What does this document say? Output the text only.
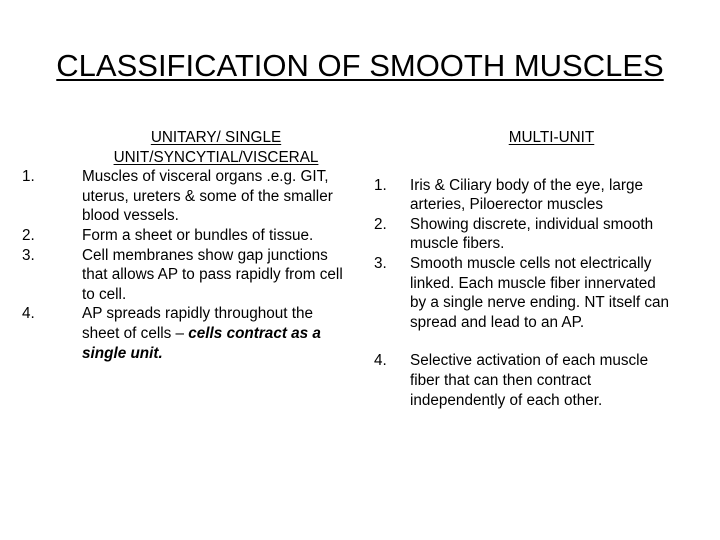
CLASSIFICATION OF SMOOTH MUSCLES

UNITARY/ SINGLE
UNIT/SYNCYTIAL/VISCERAL

1.	Muscles of visceral organs .e.g. GIT, uterus, ureters & some of the smaller blood vessels.
2.	Form a sheet or bundles of tissue.
3.	Cell membranes show gap junctions that allows AP to pass rapidly from cell to cell.
4.	AP spreads rapidly throughout the sheet of cells – cells contract as a single unit.

MULTI-UNIT

1.	Iris & Ciliary body of the eye, large arteries, Piloerector muscles
2.	Showing discrete, individual smooth muscle fibers.
3.	Smooth muscle cells not electrically linked. Each muscle fiber innervated by a single nerve ending. NT itself can spread and lead to an AP.
4.	Selective activation of each muscle fiber that can then contract independently of each other.
